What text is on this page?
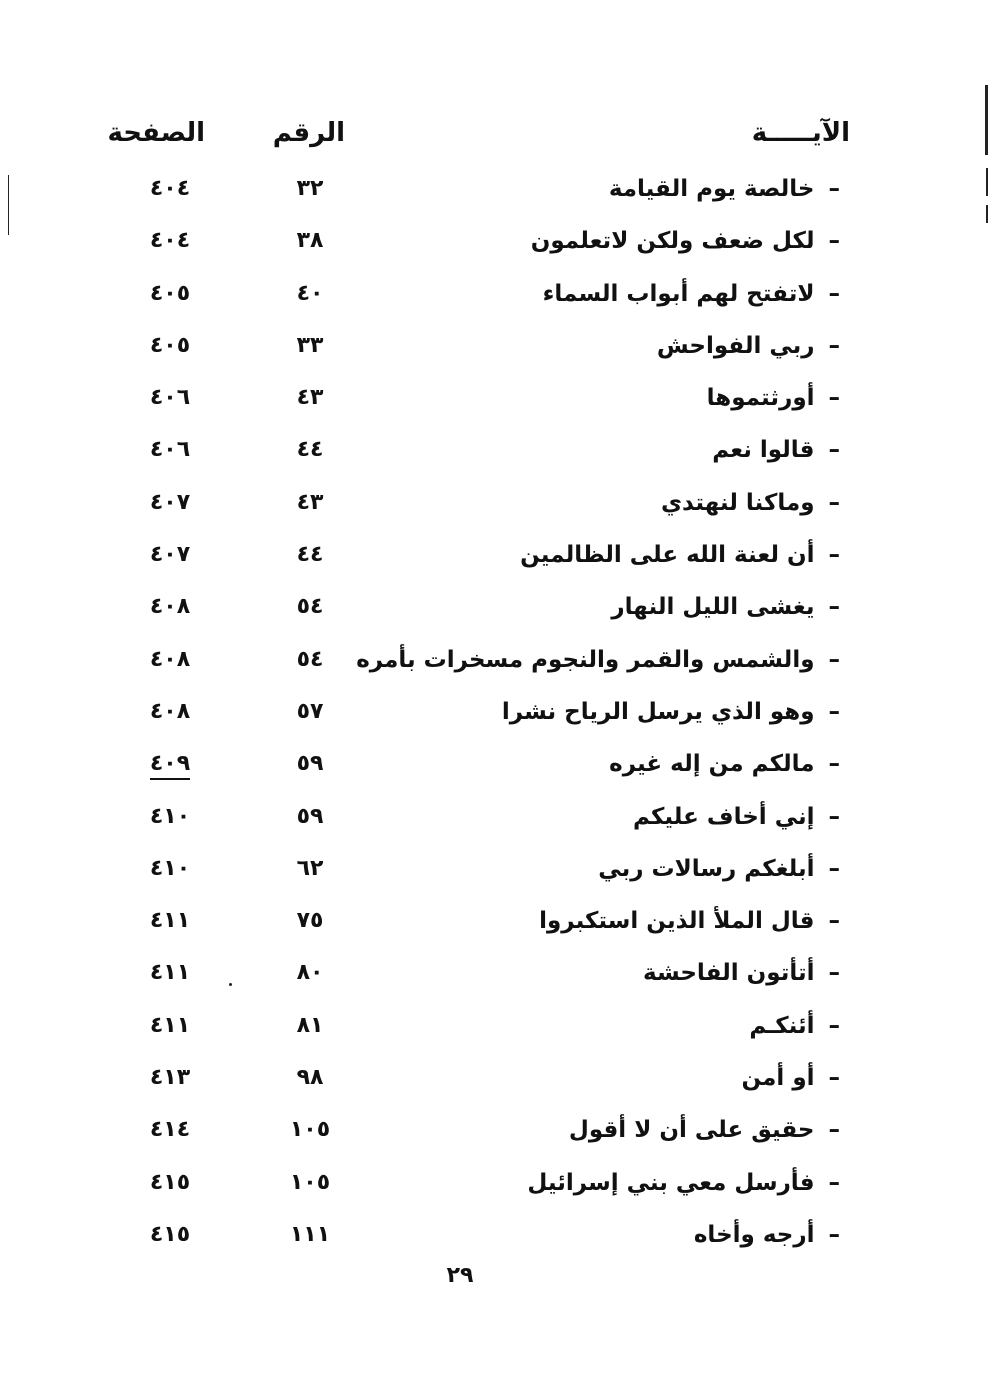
الآيـــــة
الرقم
الصفحة
–خالصة يوم القيامة
٣٢
٤٠٤
–لكل ضعف ولكن لاتعلمون
٣٨
٤٠٤
–لاتفتح لهم أبواب السماء
٤٠
٤٠٥
–ربي الفواحش
٣٣
٤٠٥
–أورثتموها
٤٣
٤٠٦
–قالوا نعم
٤٤
٤٠٦
–وماكنا لنهتدي
٤٣
٤٠٧
–أن لعنة الله على الظالمين
٤٤
٤٠٧
–يغشى الليل النهار
٥٤
٤٠٨
–والشمس والقمر والنجوم مسخرات بأمره
٥٤
٤٠٨
–وهو الذي يرسل الرياح نشرا
٥٧
٤٠٨
–مالكم من إله غيره
٥٩
٤٠٩
–إني أخاف عليكم
٥٩
٤١٠
–أبلغكم رسالات ربي
٦٢
٤١٠
–قال الملأ الذين استكبروا
٧٥
٤١١
–أتأتون الفاحشة
٨٠
٤١١
–أئنكـم
٨١
٤١١
–أو أمن
٩٨
٤١٣
–حقيق على أن لا أقول
١٠٥
٤١٤
–فأرسل معي بني إسرائيل
١٠٥
٤١٥
–أرجه وأخاه
١١١
٤١٥
٢٩
